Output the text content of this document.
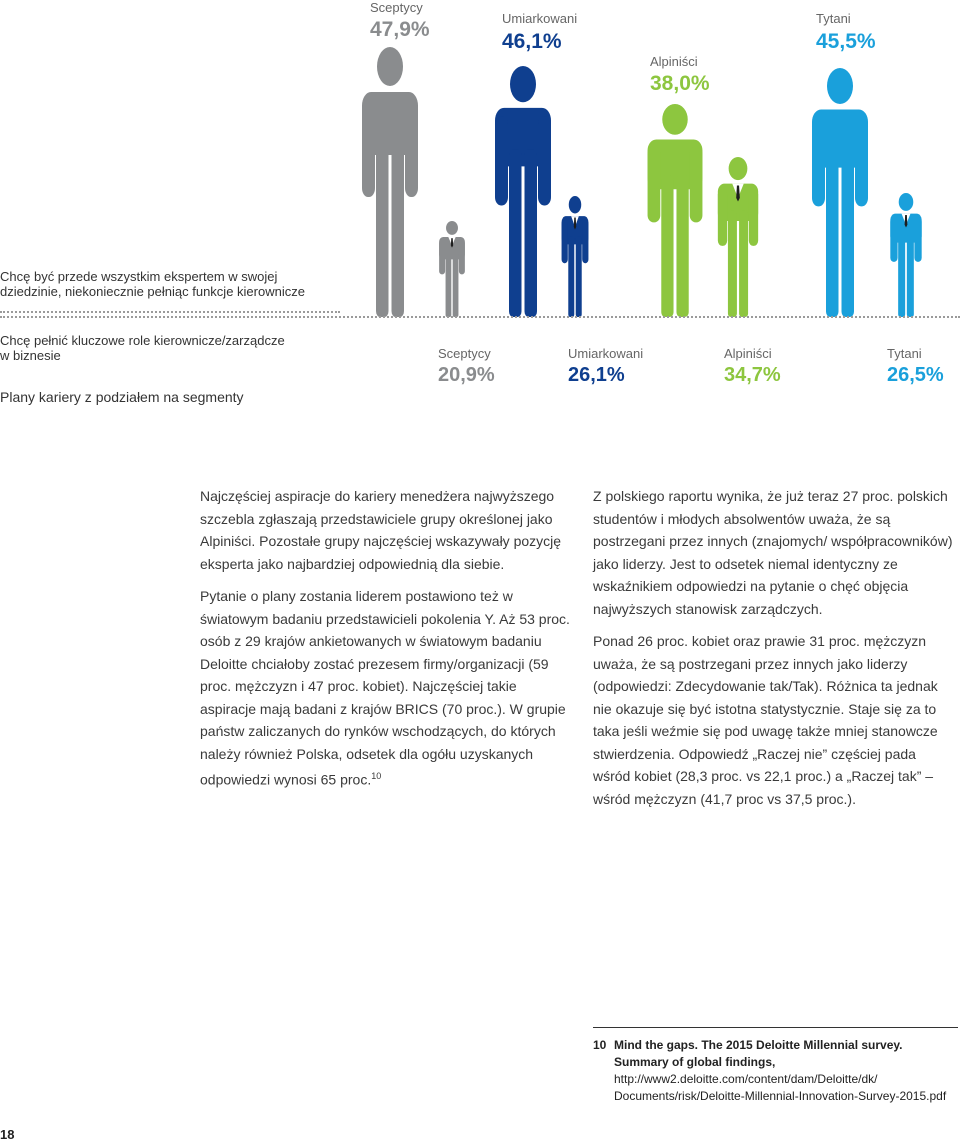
Sceptycy
47,9%	Umiarkowani
46,1%
Alpiniści
38,0%
Tytani
45,5%
Chcę być przede wszystkim ekspertem w swojej
dziedzinie, niekoniecznie pełniąc funkcje kierownicze
Chcę pełnić kluczowe role kierownicze/zarządcze
w biznesie
Plany kariery z podziałem na segmenty
Sceptycy
20,9%
Umiarkowani
26,1%
Alpiniści
34,7%
Tytani
26,5%

Najczęściej aspiracje do kariery menedżera najwyższego szczebla zgłaszają przedstawiciele grupy określonej jako Alpiniści. Pozostałe grupy najczęściej wskazywały pozycję eksperta jako najbardziej odpowiednią dla siebie.

Pytanie o plany zostania liderem postawiono też w światowym badaniu przedstawicieli pokolenia Y. Aż 53 proc. osób z 29 krajów ankietowanych w światowym badaniu Deloitte chciałoby zostać prezesem firmy/organizacji (59 proc. mężczyzn i 47 proc. kobiet). Najczęściej takie aspiracje mają badani z krajów BRICS (70 proc.). W grupie państw zaliczanych do rynków wschodzących, do których należy również Polska, odsetek dla ogółu uzyskanych odpowiedzi wynosi 65 proc.$^{10}$

Z polskiego raportu wynika, że już teraz 27 proc. polskich studentów i młodych absolwentów uważa, że są postrzegani przez innych (znajomych/ współpracowników) jako liderzy. Jest to odsetek niemal identyczny ze wskaźnikiem odpowiedzi na pytanie o chęć objęcia najwyższych stanowisk zarządczych.

Ponad 26 proc. kobiet oraz prawie 31 proc. mężczyzn uważa, że są postrzegani przez innych jako liderzy (odpowiedzi: Zdecydowanie tak/Tak). Różnica ta jednak nie okazuje się być istotna statystycznie. Staje się za to taka jeśli weźmie się pod uwagę także mniej stanowcze stwierdzenia. Odpowiedź „Raczej nie” częściej pada wśród kobiet (28,3 proc. vs 22,1 proc.) a „Raczej tak” – wśród mężczyzn (41,7 proc vs 37,5 proc.).

10 Mind the gaps. The 2015 Deloitte Millennial survey.
Summary of global findings,
http://www2.deloitte.com/content/dam/Deloitte/dk/
Documents/risk/Deloitte-Millennial-Innovation-Survey-2015.pdf
18
